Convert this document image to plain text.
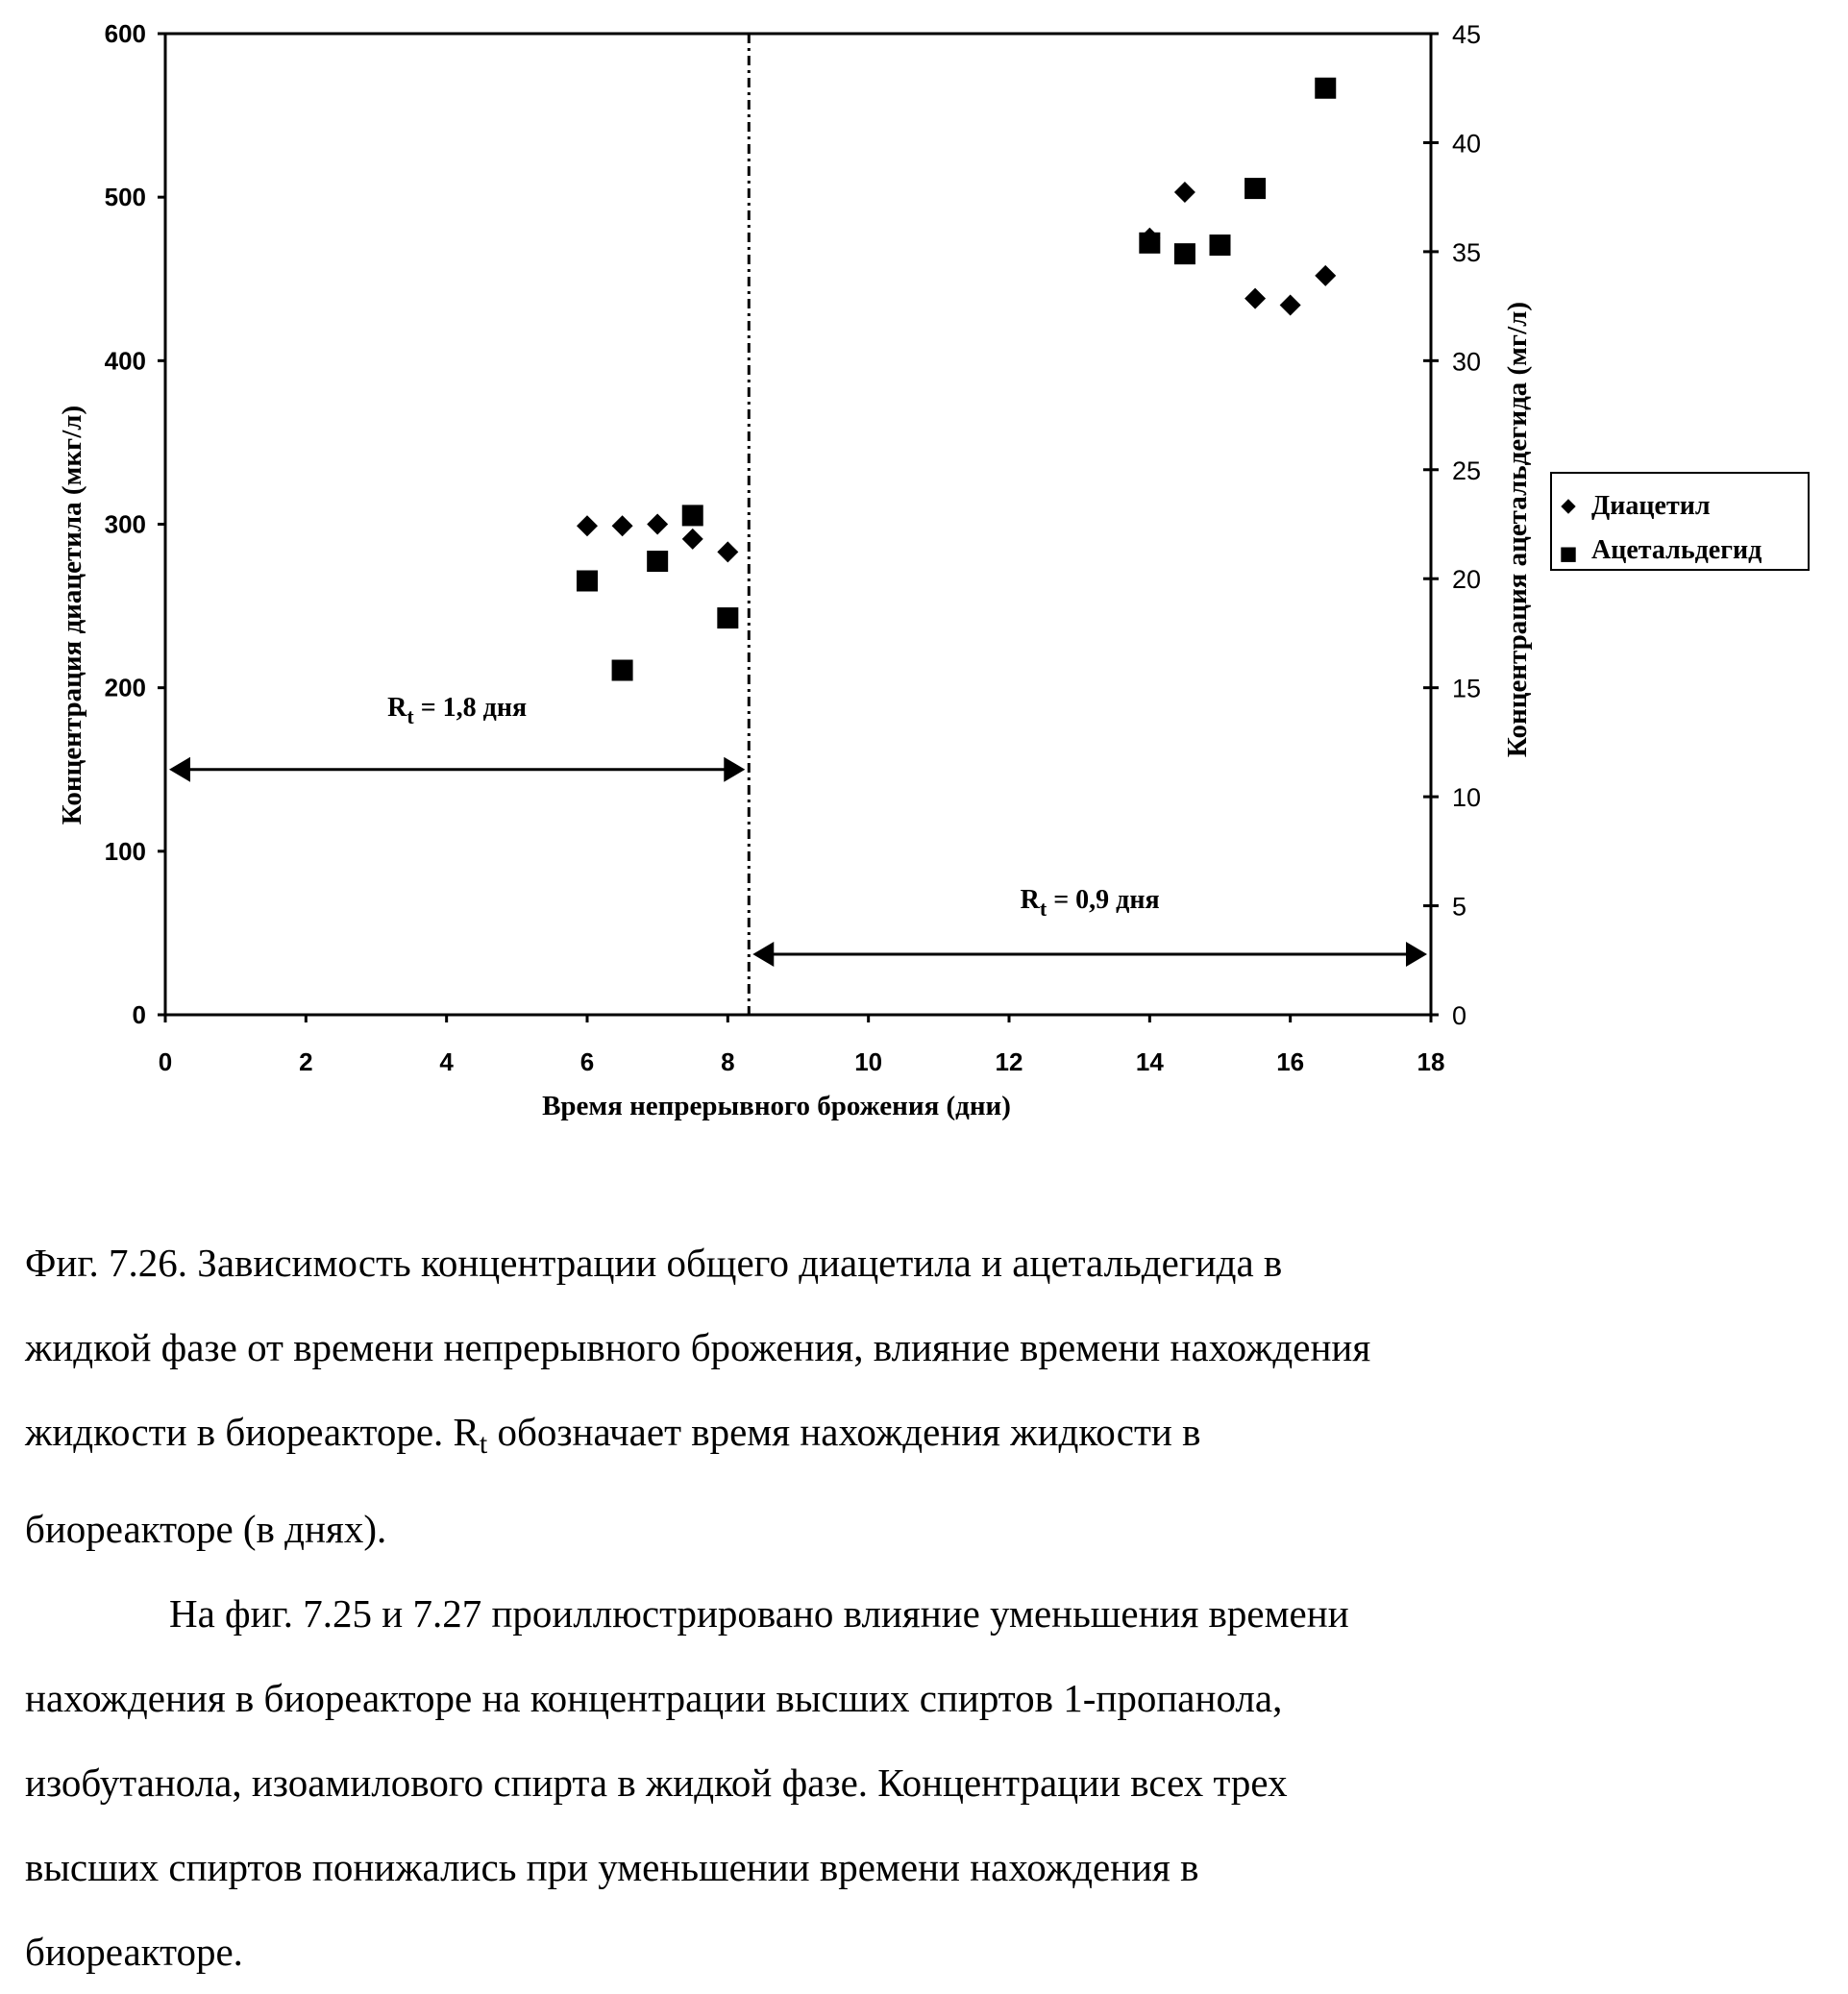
0	2	4	6	8	10	12	14	16	18
0
100
200
300
400
500
600
0
5
10
15
20
25
30
35
40
45
Время непрерывного брожения (дни)
Концентрация диацетила (мкг/л)	Концентрация ацетальдегида (мг/л)
Rt = 1,8 дня
Rt = 0,9 дня
Диацетил
Ацетальдегид
Фиг. 7.26. Зависимость концентрации общего диацетила и ацетальдегида в
жидкой фазе от времени непрерывного брожения, влияние времени нахождения
жидкости в биореакторе. Rt обозначает время нахождения жидкости в
биореакторе (в днях).
На фиг. 7.25 и 7.27 проиллюстрировано влияние уменьшения времени
нахождения в биореакторе на концентрации высших спиртов 1-пропанола,
изобутанола, изоамилового спирта в жидкой фазе. Концентрации всех трех
высших спиртов понижались при уменьшении времени нахождения в
биореакторе.
